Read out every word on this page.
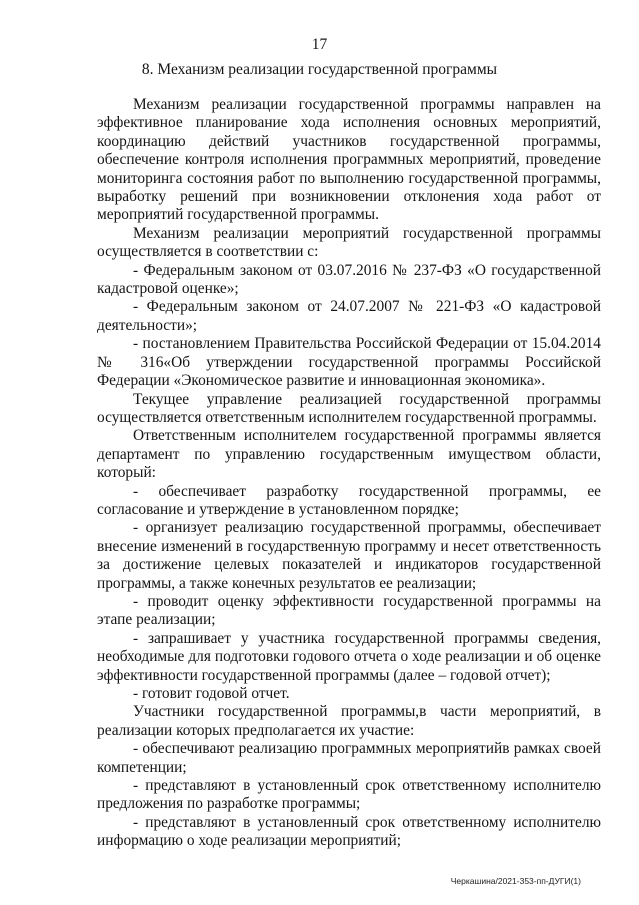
17
8. Механизм реализации государственной программы

Механизм реализации государственной программы направлен на эффективное планирование хода исполнения основных мероприятий, координацию действий участников государственной программы, обеспечение контроля исполнения программных мероприятий, проведение мониторинга состояния работ по выполнению государственной программы, выработку решений при возникновении отклонения хода работ от мероприятий государственной программы.

Механизм реализации мероприятий государственной программы осуществляется в соответствии с:

- Федеральным законом от 03.07.2016 № 237-ФЗ «О государственной кадастровой оценке»;

- Федеральным законом от 24.07.2007 № 221-ФЗ «О кадастровой деятельности»;

- постановлением Правительства Российской Федерации от 15.04.2014 № 316«Об утверждении государственной программы Российской Федерации «Экономическое развитие и инновационная экономика».

Текущее управление реализацией государственной программы осуществляется ответственным исполнителем государственной программы.

Ответственным исполнителем государственной программы является департамент по управлению государственным имуществом области, который:

- обеспечивает разработку государственной программы, ее согласование и утверждение в установленном порядке;

- организует реализацию государственной программы, обеспечивает внесение изменений в государственную программу и несет ответственность за достижение целевых показателей и индикаторов государственной программы, а также конечных результатов ее реализации;

- проводит оценку эффективности государственной программы на этапе реализации;

- запрашивает у участника государственной программы сведения, необходимые для подготовки годового отчета о ходе реализации и об оценке эффективности государственной программы (далее – годовой отчет);

- готовит годовой отчет.

Участники государственной программы,в части мероприятий, в реализации которых предполагается их участие:

- обеспечивают реализацию программных мероприятийв рамках своей компетенции;

- представляют в установленный срок ответственному исполнителю предложения по разработке программы;

- представляют в установленный срок ответственному исполнителю информацию о ходе реализации мероприятий;

Черкашина/2021-353-пп-ДУГИ(1)
